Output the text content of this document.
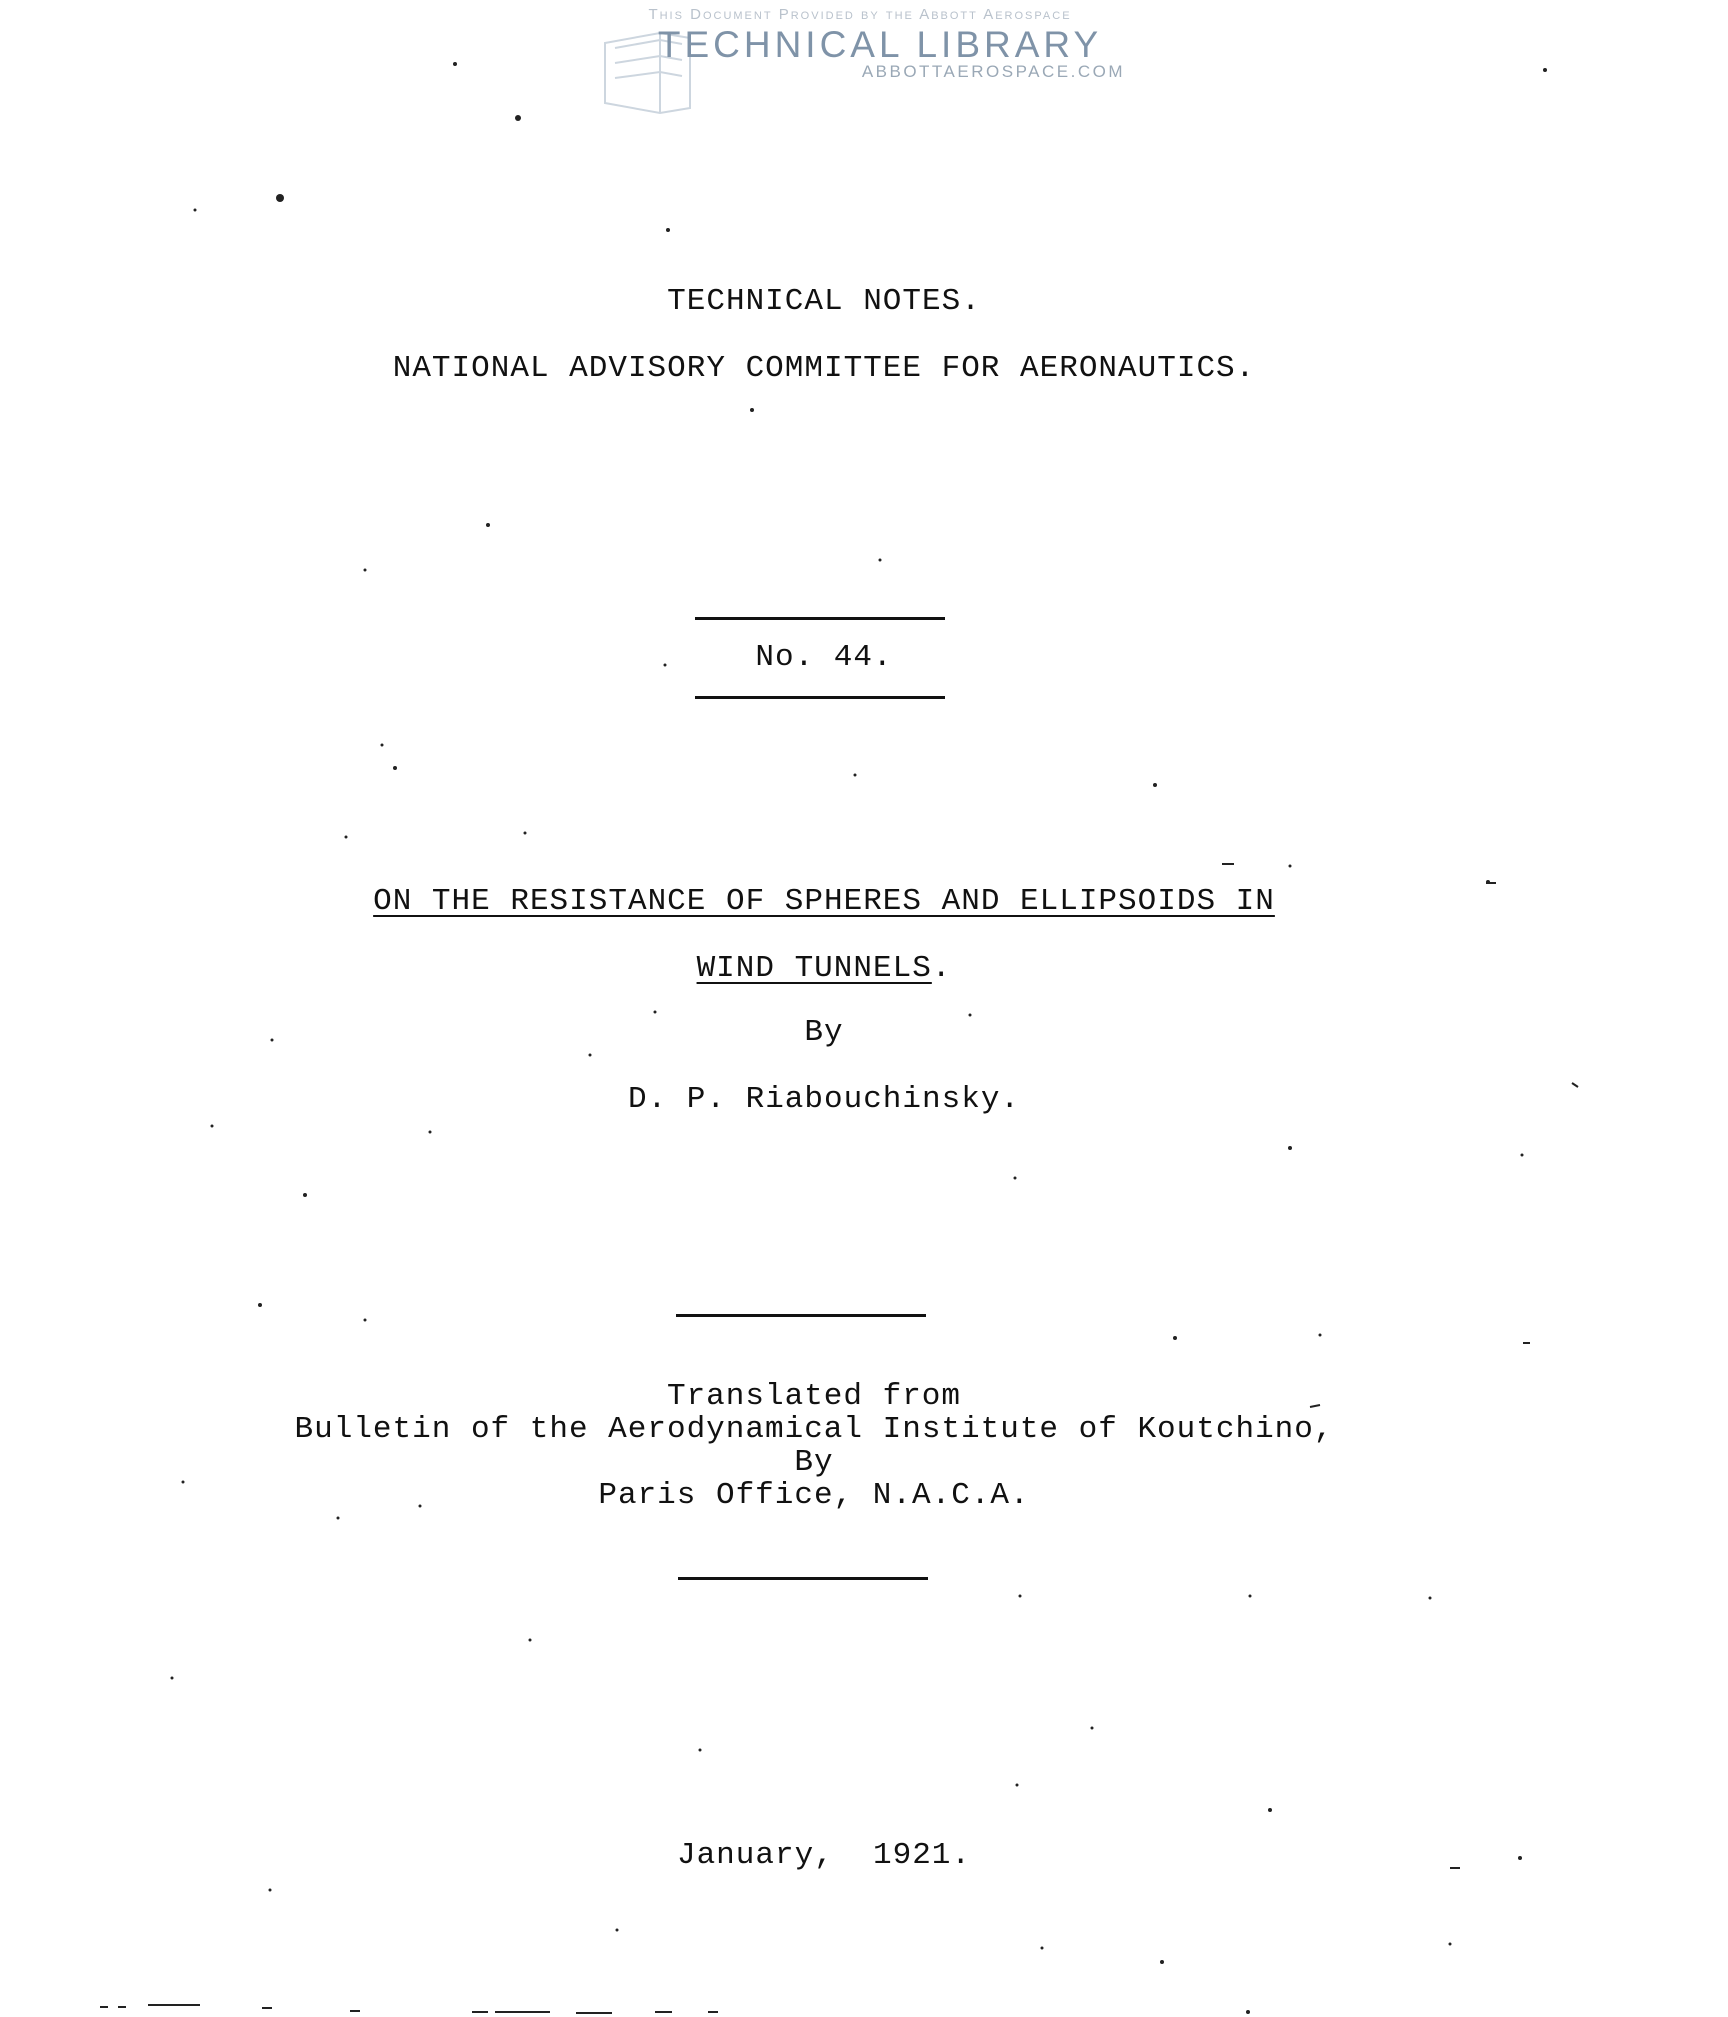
This Document Provided by the Abbott Aerospace
TECHNICAL LIBRARY
ABBOTTAEROSPACE.COM
TECHNICAL NOTES.
NATIONAL ADVISORY COMMITTEE FOR AERONAUTICS.
No. 44.
ON THE RESISTANCE OF SPHERES AND ELLIPSOIDS IN
WIND TUNNELS.
By
D. P. Riabouchinsky.
Translated from
Bulletin of the Aerodynamical Institute of Koutchino,
By
Paris Office, N.A.C.A.
January,  1921.
